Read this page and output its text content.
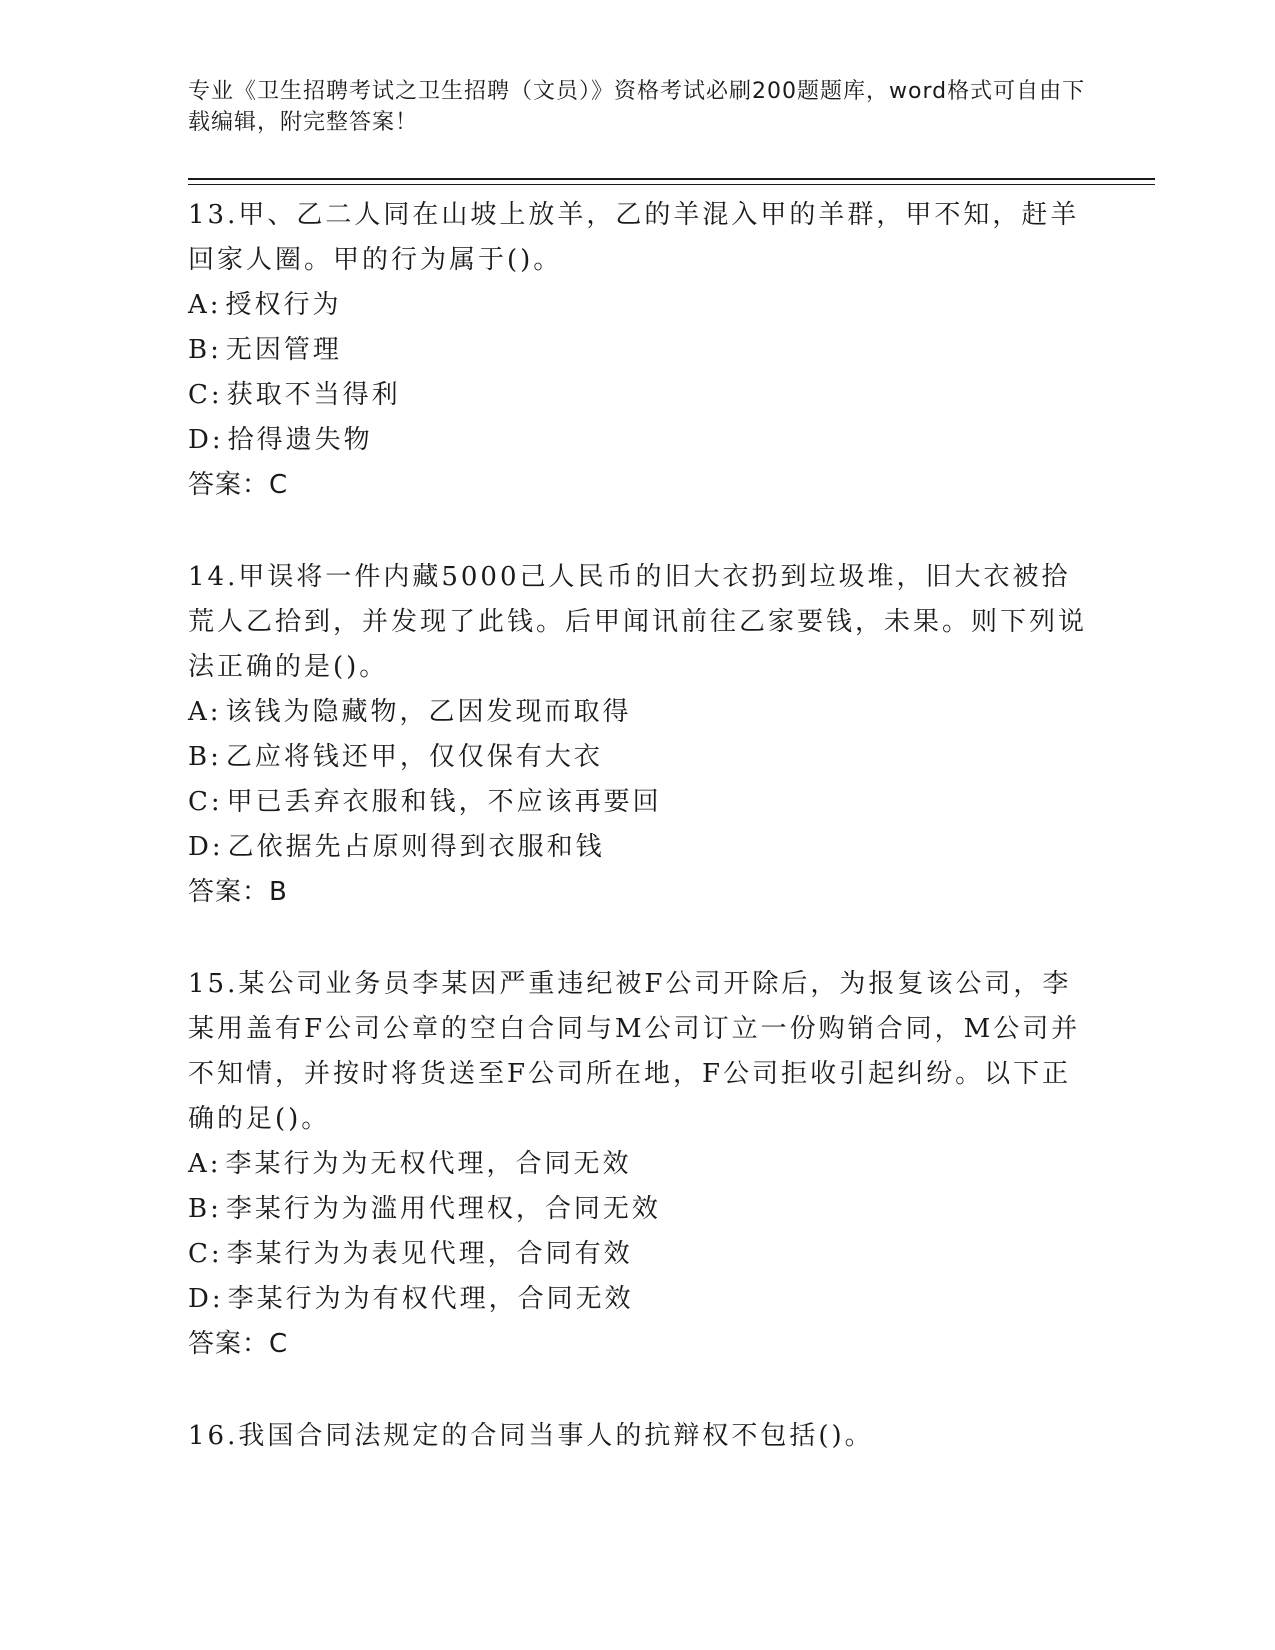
专业《卫生招聘考试之卫生招聘（文员）》资格考试必刷200题题库，word格式可自由下载编辑，附完整答案！

13.甲、乙二人同在山坡上放羊，乙的羊混入甲的羊群，甲不知，赶羊回家人圈。甲的行为属于()。

A:授权行为

B:无因管理

C:获取不当得利

D:拾得遗失物

答案：C

14.甲误将一件内藏5000己人民币的旧大衣扔到垃圾堆，旧大衣被拾荒人乙拾到，并发现了此钱。后甲闻讯前往乙家要钱，未果。则下列说法正确的是()。

A:该钱为隐藏物，乙因发现而取得

B:乙应将钱还甲，仅仅保有大衣

C:甲已丢弃衣服和钱，不应该再要回

D:乙依据先占原则得到衣服和钱

答案：B

15.某公司业务员李某因严重违纪被F公司开除后，为报复该公司，李某用盖有F公司公章的空白合同与M公司订立一份购销合同，M公司并不知情，并按时将货送至F公司所在地，F公司拒收引起纠纷。以下正确的足()。

A:李某行为为无权代理，合同无效

B:李某行为为滥用代理权，合同无效

C:李某行为为表见代理，合同有效

D:李某行为为有权代理，合同无效

答案：C

16.我国合同法规定的合同当事人的抗辩权不包括()。
